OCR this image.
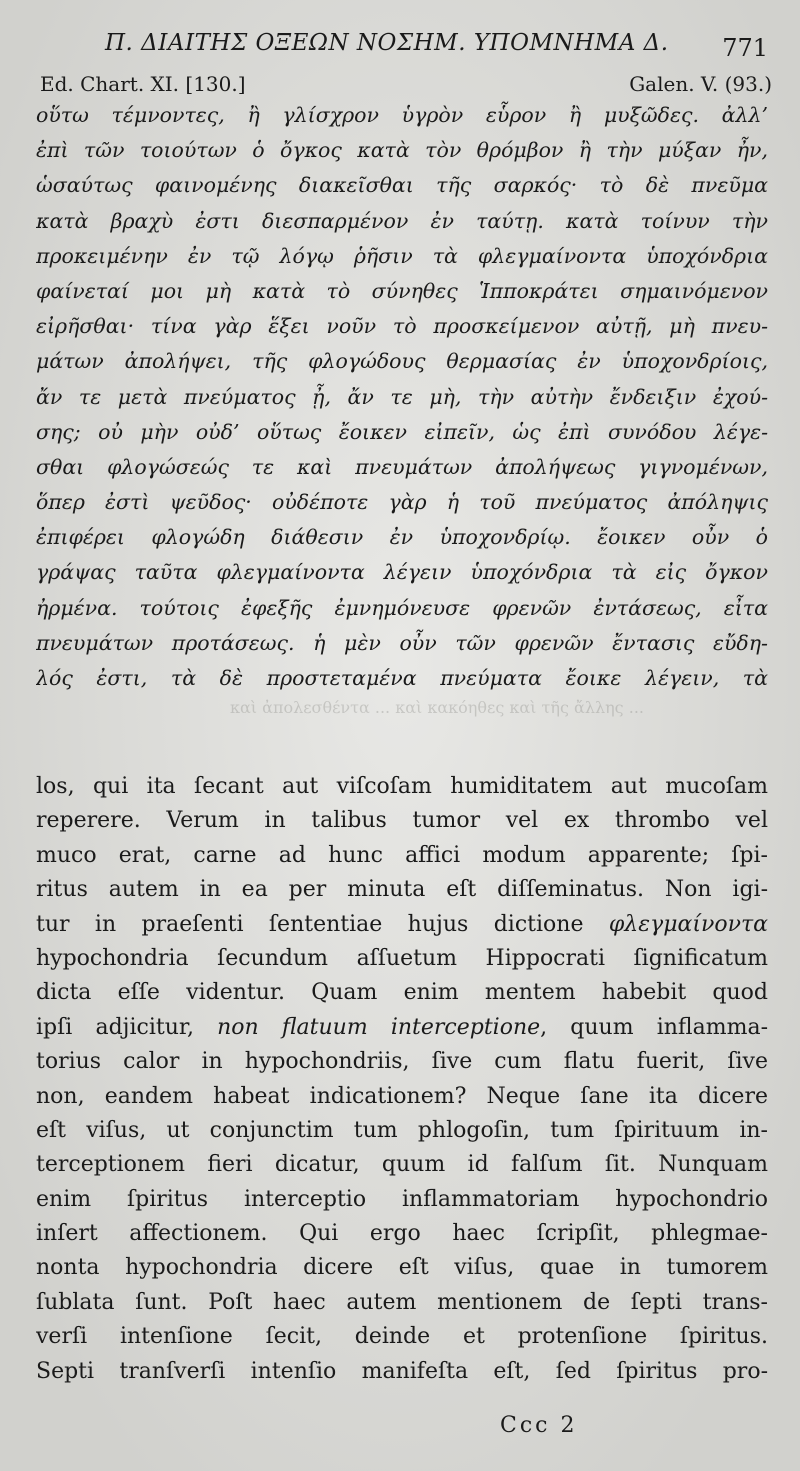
Π. ΔΙΑΙΤΗΣ ΟΞΕΩΝ ΝΟΣΗΜ. ΥΠΟΜΝΗΜΑ Δ.	771
Ed. Chart. XI. [130.]	Galen. V. (93.)
οὕτω τέμνοντες, ἢ γλίσχρον ὑγρὸν εὗρον ἢ μυξῶδες. ἀλλ’
ἐπὶ τῶν τοιούτων ὁ ὄγκος κατὰ τὸν θρόμβον ἢ τὴν μύξαν ἦν,
ὡσαύτως φαινομένης διακεῖσθαι τῆς σαρκός· τὸ δὲ πνεῦμα
κατὰ βραχὺ ἐστι διεσπαρμένον ἐν ταύτῃ. κατὰ τοίνυν τὴν
προκειμένην ἐν τῷ λόγῳ ῥῆσιν τὰ φλεγμαίνοντα ὑποχόνδρια
φαίνεταί μοι μὴ κατὰ τὸ σύνηθες Ἱπποκράτει σημαινόμενον
εἰρῆσθαι· τίνα γὰρ ἕξει νοῦν τὸ προσκείμενον αὐτῇ, μὴ πνευ-
μάτων ἀπολήψει, τῆς φλογώδους θερμασίας ἐν ὑποχονδρίοις,
ἄν τε μετὰ πνεύματος ᾖ, ἄν τε μὴ, τὴν αὐτὴν ἔνδειξιν ἐχού-
σης; οὐ μὴν οὐδ’ οὕτως ἔοικεν εἰπεῖν, ὡς ἐπὶ συνόδου λέγε-
σθαι φλογώσεώς τε καὶ πνευμάτων ἀπολήψεως γιγνομένων,
ὅπερ ἐστὶ ψεῦδος· οὐδέποτε γὰρ ἡ τοῦ πνεύματος ἀπόληψις
ἐπιφέρει φλογώδη διάθεσιν ἐν ὑποχονδρίῳ. ἔοικεν οὖν ὁ
γράψας ταῦτα φλεγμαίνοντα λέγειν ὑποχόνδρια τὰ εἰς ὄγκον
ἠρμένα. τούτοις ἐφεξῆς ἐμνημόνευσε φρενῶν ἐντάσεως, εἶτα
πνευμάτων προτάσεως. ἡ μὲν οὖν τῶν φρενῶν ἔντασις εὔδη-
λός ἐστι, τὰ δὲ προστεταμένα πνεύματα ἔοικε λέγειν, τὰ
καὶ ἀπολεσθέντα ... καὶ κακόηθες καὶ τῆς ἄλλης ...
los, qui ita ſecant aut viſcoſam humiditatem aut mucoſam
reperere. Verum in talibus tumor vel ex thrombo vel
muco erat, carne ad hunc affici modum apparente; ſpi-
ritus autem in ea per minuta eſt diſſeminatus. Non igi-
tur in praeſenti ſententiae hujus dictione φλεγμαίνοντα
hypochondria ſecundum aſſuetum Hippocrati ſignificatum
dicta eſſe videntur. Quam enim mentem habebit quod
ipſi adjicitur, non flatuum interceptione, quum inflamma-
torius calor in hypochondriis, ſive cum flatu fuerit, ſive
non, eandem habeat indicationem? Neque ſane ita dicere
eſt viſus, ut conjunctim tum phlogoſin, tum ſpirituum in-
terceptionem fieri dicatur, quum id falſum ſit. Nunquam
enim ſpiritus interceptio inflammatoriam hypochondrio
inſert affectionem. Qui ergo haec ſcripſit, phlegmae-
nonta hypochondria dicere eſt viſus, quae in tumorem
ſublata ſunt. Poſt haec autem mentionem de ſepti trans-
verſi intenſione ſecit, deinde et protenſione ſpiritus.
Septi tranſverſi intenſio manifeſta eſt, ſed ſpiritus pro-
Ccc 2
